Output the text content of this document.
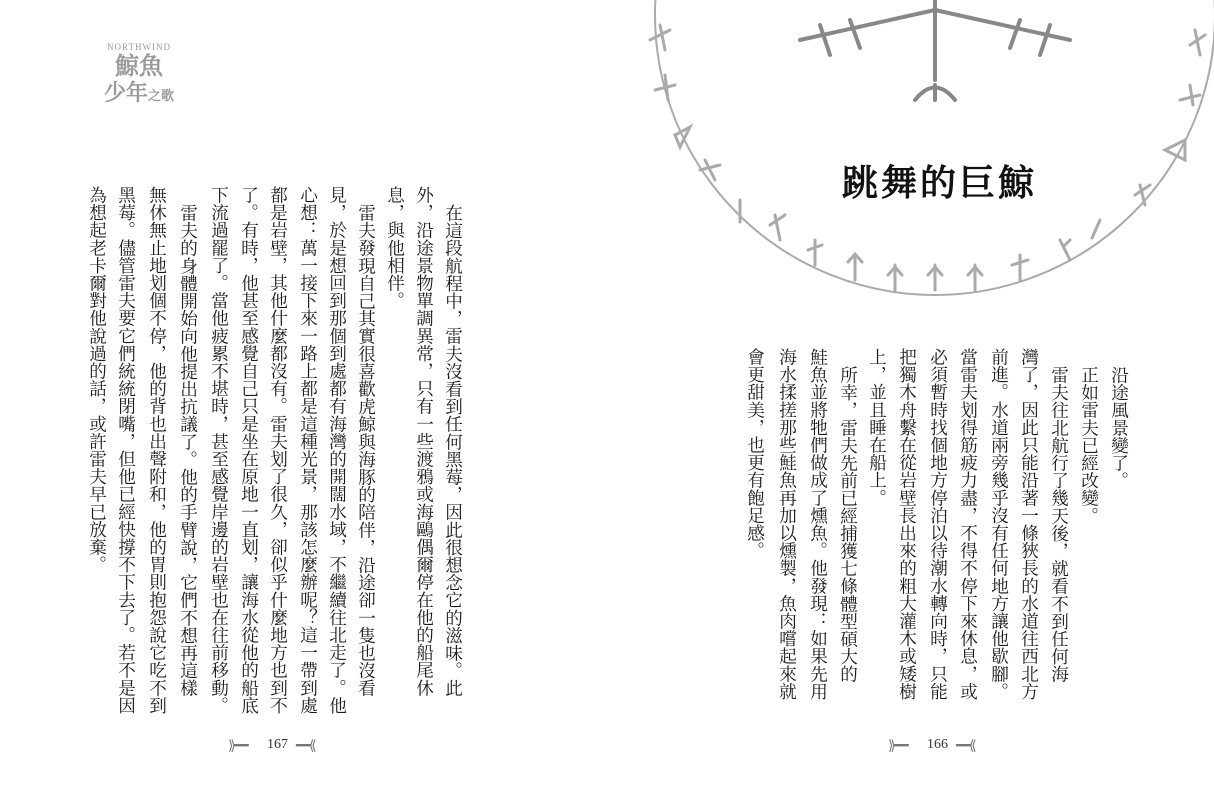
NORTHWIND
鯨魚
少年之歌
在這段航程中，雷夫沒看到任何黑莓，因此很想念它的滋味。此
外，沿途景物單調異常，只有一些渡鴉或海鷗偶爾停在他的船尾休
息，與他相伴。
雷夫發現自己其實很喜歡虎鯨與海豚的陪伴，沿途卻一隻也沒看
見，於是想回到那個到處都有海灣的開闊水域，不繼續往北走了。他
心想：萬一接下來一路上都是這種光景，那該怎麼辦呢？這一帶到處
都是岩壁，其他什麼都沒有。雷夫划了很久，卻似乎什麼地方也到不
了。有時，他甚至感覺自己只是坐在原地一直划，讓海水從他的船底
下流過罷了。當他疲累不堪時，甚至感覺岸邊的岩壁也在往前移動。
雷夫的身體開始向他提出抗議了。他的手臂說，它們不想再這樣
無休無止地划個不停，他的背也出聲附和，他的胃則抱怨說它吃不到
黑莓。儘管雷夫要它們統統閉嘴，但他已經快撐不下去了。若不是因
為想起老卡爾對他說過的話，或許雷夫早已放棄。
⟫━━ 167 ━━⟪
跳舞的巨鯨
沿途風景變了。
正如雷夫已經改變。
雷夫往北航行了幾天後，就看不到任何海
灣了，因此只能沿著一條狹長的水道往西北方
前進。水道兩旁幾乎沒有任何地方讓他歇腳。
當雷夫划得筋疲力盡，不得不停下來休息，或
必須暫時找個地方停泊以待潮水轉向時，只能
把獨木舟繫在從岩壁長出來的粗大灌木或矮樹
上，並且睡在船上。
所幸，雷夫先前已經捕獲七條體型碩大的
鮭魚並將牠們做成了燻魚。他發現：如果先用
海水揉搓那些鮭魚再加以燻製，魚肉嚐起來就
會更甜美，也更有飽足感。
⟫━━ 166 ━━⟪
